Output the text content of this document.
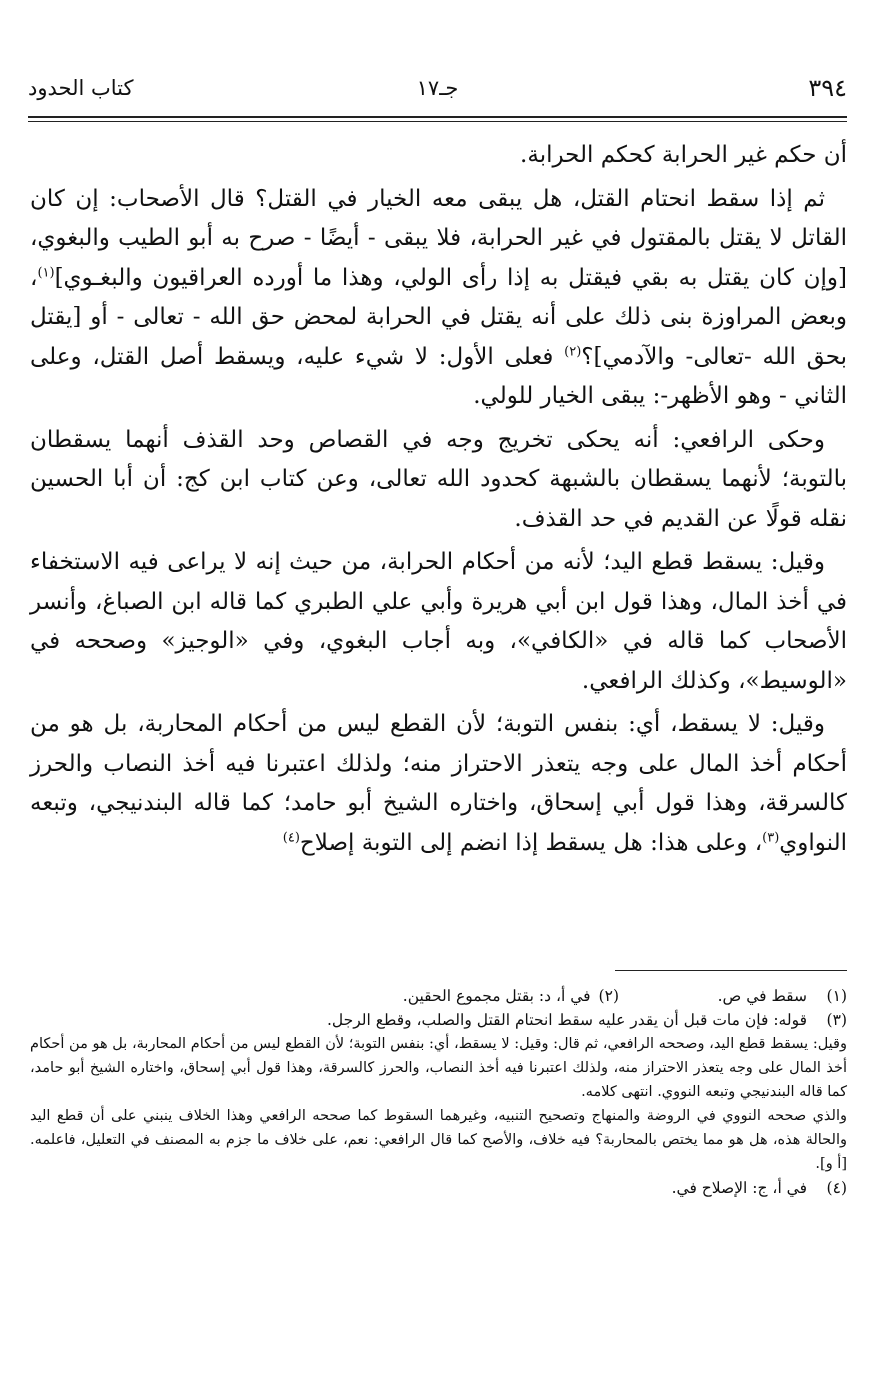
٣٩٤
جـ١٧
كتاب الحدود

أن حكم غير الحرابة كحكم الحرابة.

ثم إذا سقط انحتام القتل، هل يبقى معه الخيار في القتل؟ قال الأصحاب: إن كان القاتل لا يقتل بالمقتول في غير الحرابة، فلا يبقى - أيضًا - صرح به أبو الطيب والبغوي، [وإن كان يقتل به بقي فيقتل به إذا رأى الولي، وهذا ما أورده العراقيون والبغـوي]$^{(١)}$، وبعض المراوزة بنى ذلك على أنه يقتل في الحرابة لمحض حق الله - تعالى - أو [يقتل بحق الله -تعالى- والآدمي]؟$^{(٢)}$ فعلى الأول: لا شيء عليه، ويسقط أصل القتل، وعلى الثاني - وهو الأظهر-: يبقى الخيار للولي.

وحكى الرافعي: أنه يحكى تخريج وجه في القصاص وحد القذف أنهما يسقطان بالتوبة؛ لأنهما يسقطان بالشبهة كحدود الله تعالى، وعن كتاب ابن كج: أن أبا الحسين نقله قولًا عن القديم في حد القذف.

وقيل: يسقط قطع اليد؛ لأنه من أحكام الحرابة، من حيث إنه لا يراعى فيه الاستخفاء في أخذ المال، وهذا قول ابن أبي هريرة وأبي علي الطبري كما قاله ابن الصباغ، وأنسر الأصحاب كما قاله في «الكافي»، وبه أجاب البغوي، وفي «الوجيز» وصححه في «الوسيط»، وكذلك الرافعي.

وقيل: لا يسقط، أي: بنفس التوبة؛ لأن القطع ليس من أحكام المحاربة، بل هو من أحكام أخذ المال على وجه يتعذر الاحتراز منه؛ ولذلك اعتبرنا فيه أخذ النصاب والحرز كالسرقة، وهذا قول أبي إسحاق، واختاره الشيخ أبو حامد؛ كما قاله البندنيجي، وتبعه النواوي$^{(٣)}$، وعلى هذا: هل يسقط إذا انضم إلى التوبة إصلاح$^{(٤)}$

(١)
سقط في ص.
(٢)
في أ، د: بقتل مجموع الحقين.
(٣)
قوله: فإن مات قبل أن يقدر عليه سقط انحتام القتل والصلب، وقطع الرجل.

وقيل: يسقط قطع اليد، وصححه الرافعي، ثم قال: وقيل: لا يسقط، أي: بنفس التوبة؛ لأن القطع ليس من أحكام المحاربة، بل هو من أحكام أخذ المال على وجه يتعذر الاحتراز منه، ولذلك اعتبرنا فيه أخذ النصاب، والحرز كالسرقة، وهذا قول أبي إسحاق، واختاره الشيخ أبو حامد، كما قاله البندنيجي وتبعه النووي. انتهى كلامه.

والذي صححه النووي في الروضة والمنهاج وتصحيح التنبيه، وغيرهما السقوط كما صححه الرافعي وهذا الخلاف ينبني على أن قطع اليد والحالة هذه، هل هو مما يختص بالمحاربة؟ فيه خلاف، والأصح كما قال الرافعي: نعم، على خلاف ما جزم به المصنف في التعليل، فاعلمه. [أ و].

(٤)
في أ، ج: الإصلاح في.
